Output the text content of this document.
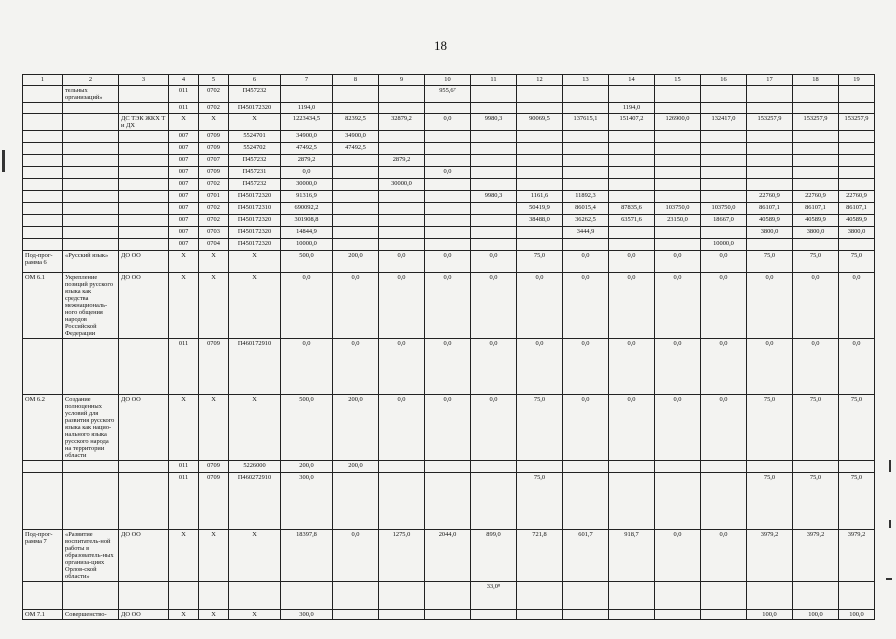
18
1	2	3	4	5	6	7	8	9	10	11	12	13	14	15	16	17	18	19
	тельных организаций»		011	0702	П457232				955,6⁷									
			011	0702	П450172320	1194,0							1194,0					
		ДС ТЭК ЖКХ Т и ДХ	Х	Х	Х	1223434,5	82392,5	32879,2	0,0	9980,3	90069,5	137615,1	151407,2	126900,0	132417,0	153257,9	153257,9	153257,9
			007	0709	5524701	34900,0	34900,0											
			007	0709	5524702	47492,5	47492,5											
			007	0707	П457232	2879,2		2879,2										
			007	0709	П457231	0,0			0,0									
			007	0702	П457232	30000,0		30000,0										
			007	0701	П450172320	91316,9				9980,3	1161,6	11892,3				22760,9	22760,9	22760,9
			007	0702	П450172310	690092,2					50419,9	86015,4	87835,6	103750,0	103750,0	86107,1	86107,1	86107,1
			007	0702	П450172320	301908,8					38488,0	36262,5	63571,6	23150,0	18667,0	40589,9	40589,9	40589,9
			007	0703	П450172320	14844,9						3444,9				3800,0	3800,0	3800,0
			007	0704	П450172320	10000,0									10000,0			
Под-прог-рамма 6	«Русский язык»	ДО ОО	Х	Х	Х	500,0	200,0	0,0	0,0	0,0	75,0	0,0	0,0	0,0	0,0	75,0	75,0	75,0
ОМ 6.1	Укрепление позиций русского языка как средства межнациональ-ного общения народов Российской Федерации	ДО ОО	Х	Х	Х	0,0	0,0	0,0	0,0	0,0	0,0	0,0	0,0	0,0	0,0	0,0	0,0	0,0
			011	0709	П460172910	0,0	0,0	0,0	0,0	0,0	0,0	0,0	0,0	0,0	0,0	0,0	0,0	0,0
ОМ 6.2	Создание полноценных условий для развития русского языка как нацио-нального языка русского народа на территории области	ДО ОО	Х	Х	Х	500,0	200,0	0,0	0,0	0,0	75,0	0,0	0,0	0,0	0,0	75,0	75,0	75,0
			011	0709	5226000	200,0	200,0											
			011	0709	П460272910	300,0					75,0					75,0	75,0	75,0
Под-прог-рамма 7	«Развитие воспитатель-ной работы в образователь-ных организа-циях Орлов-ской области»	ДО ОО	Х	Х	Х	18397,8	0,0	1275,0	2044,0	899,0	721,8	601,7	918,7	0,0	0,0	3979,2	3979,2	3979,2
										33,0⁸								
ОМ 7.1	Совершенство-	ДО ОО	Х	Х	Х	300,0										100,0	100,0	100,0
